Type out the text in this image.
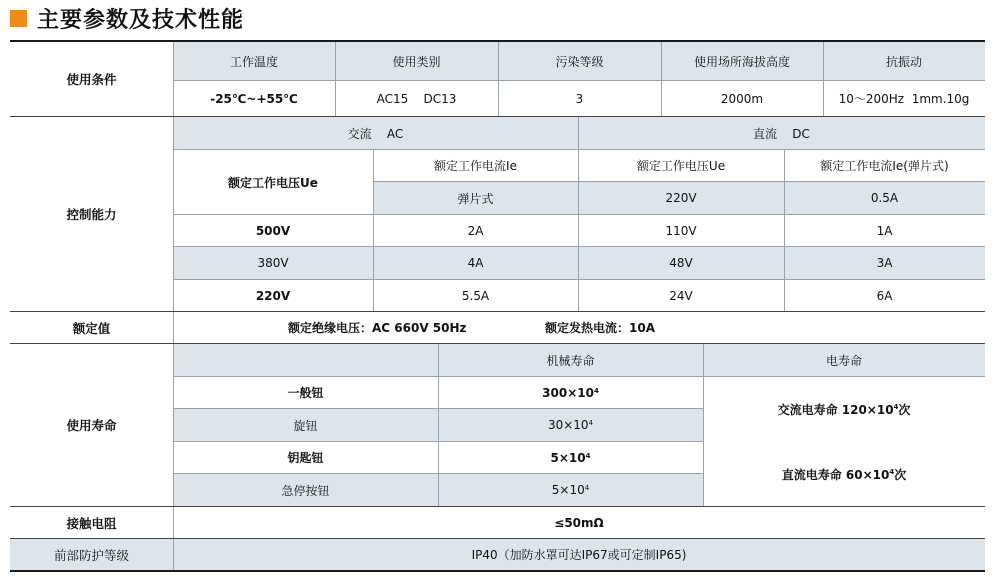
主要参数及技术性能
使用条件
工作温度	使用类别	污染等级	使用场所海拔高度	抗振动
-25℃~+55℃	AC15    DC13	3	2000m	10～200Hz  1mm.10g
控制能力
交流    AC	直流    DC
额定工作电压Ue
额定工作电流Ie	额定工作电压Ue	额定工作电流Ie(弹片式)
弹片式	220V	0.5A
500V	2A	110V	1A
380V	4A	48V	3A
220V	5.5A	24V	6A
额定值	额定绝缘电压：AC 660V 50Hz	额定发热电流：10A
使用寿命
机械寿命	电寿命
一般钮	$300\times 10^4$
旋钮	$30\times 10^4$
钥匙钮	$5\times 10^4$
急停按钮	$5\times 10^4$
交流电寿命 $120\times 10^4$ 次
直流电寿命 $60\times 10^4$ 次
接触电阻	≤50mΩ
前部防护等级	IP40（加防水罩可达IP67或可定制IP65)
